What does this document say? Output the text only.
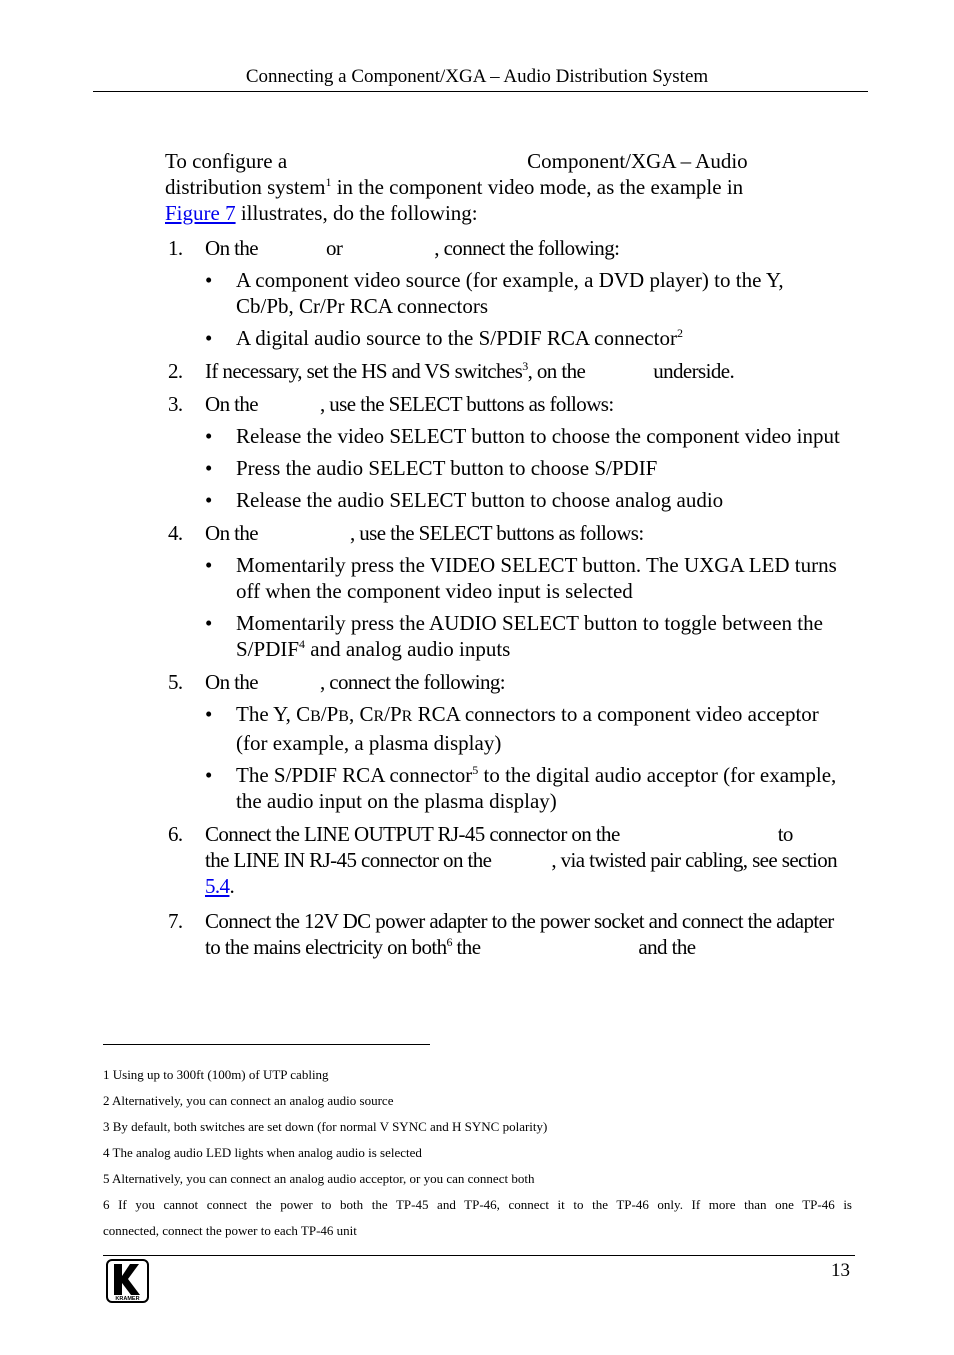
Connecting a Component/XGA – Audio Distribution System

To configure a	Component/XGA – Audio
distribution system$^1$ in the component video mode, as the example in
Figure 7 illustrates, do the following:

1. On the	or	, connect the following:
• A component video source (for example, a DVD player) to the Y, Cb/Pb, Cr/Pr RCA connectors
• A digital audio source to the S/PDIF RCA connector$^2$
2. If necessary, set the HS and VS switches$^3$, on the	underside.
3. On the	, use the SELECT buttons as follows:
• Release the video SELECT button to choose the component video input
• Press the audio SELECT button to choose S/PDIF
• Release the audio SELECT button to choose analog audio
4. On the	, use the SELECT buttons as follows:
• Momentarily press the VIDEO SELECT button. The UXGA LED turns off when the component video input is selected
• Momentarily press the AUDIO SELECT button to toggle between the S/PDIF$^4$ and analog audio inputs
5. On the	, connect the following:
• The Y, CB/PB, CR/PR RCA connectors to a component video acceptor (for example, a plasma display)
• The S/PDIF RCA connector$^5$ to the digital audio acceptor (for example, the audio input on the plasma display)
6. Connect the LINE OUTPUT RJ-45 connector on the	to
the LINE IN RJ-45 connector on the	, via twisted pair cabling, see section 5.4.
7. Connect the 12V DC power adapter to the power socket and connect the adapter to the mains electricity on both$^6$ the	and the
1 Using up to 300ft (100m) of UTP cabling
2 Alternatively, you can connect an analog audio source
3 By default, both switches are set down (for normal V SYNC and H SYNC polarity)
4 The analog audio LED lights when analog audio is selected
5 Alternatively, you can connect an analog audio acceptor, or you can connect both
6 If you cannot connect the power to both the TP-45 and TP-46, connect it to the TP-46 only. If more than one TP-46 is
connected, connect the power to each TP-46 unit
KRAMER
13
